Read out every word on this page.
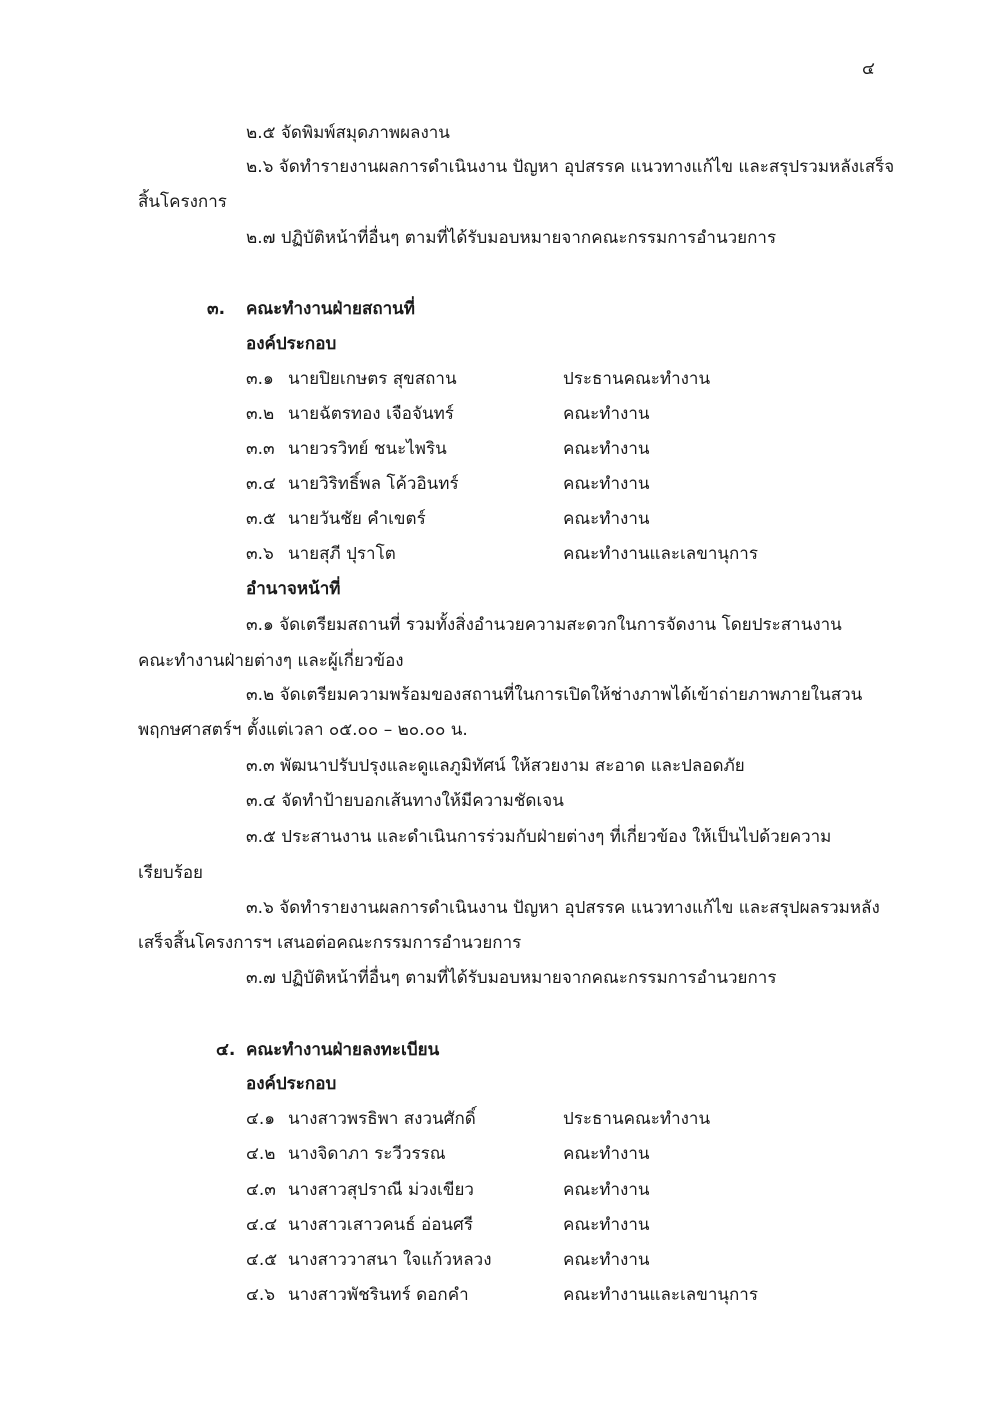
๔
๒.๕ จัดพิมพ์สมุดภาพผลงาน
๒.๖ จัดทำรายงานผลการดำเนินงาน ปัญหา อุปสรรค แนวทางแก้ไข และสรุปรวมหลังเสร็จ
สิ้นโครงการ
๒.๗ ปฏิบัติหน้าที่อื่นๆ ตามที่ได้รับมอบหมายจากคณะกรรมการอำนวยการ
๓. คณะทำงานฝ่ายสถานที่
องค์ประกอบ
๓.๑ นายปิยเกษตร สุขสถาน	ประธานคณะทำงาน
๓.๒ นายฉัตรทอง เจือจันทร์	คณะทำงาน
๓.๓ นายวรวิทย์ ชนะไพริน	คณะทำงาน
๓.๔ นายวิริทธิ์พล โค้วอินทร์	คณะทำงาน
๓.๕ นายวันชัย คำเขตร์	คณะทำงาน
๓.๖ นายสุภี ปุราโต	คณะทำงานและเลขานุการ
อำนาจหน้าที่
๓.๑ จัดเตรียมสถานที่ รวมทั้งสิ่งอำนวยความสะดวกในการจัดงาน โดยประสานงาน
คณะทำงานฝ่ายต่างๆ และผู้เกี่ยวข้อง
๓.๒ จัดเตรียมความพร้อมของสถานที่ในการเปิดให้ช่างภาพได้เข้าถ่ายภาพภายในสวน
พฤกษศาสตร์ฯ ตั้งแต่เวลา ๐๕.๐๐ – ๒๐.๐๐ น.
๓.๓ พัฒนาปรับปรุงและดูแลภูมิทัศน์ ให้สวยงาม สะอาด และปลอดภัย
๓.๔ จัดทำป้ายบอกเส้นทางให้มีความชัดเจน
๓.๕ ประสานงาน และดำเนินการร่วมกับฝ่ายต่างๆ ที่เกี่ยวข้อง ให้เป็นไปด้วยความ
เรียบร้อย
๓.๖ จัดทำรายงานผลการดำเนินงาน ปัญหา อุปสรรค แนวทางแก้ไข และสรุปผลรวมหลัง
เสร็จสิ้นโครงการฯ เสนอต่อคณะกรรมการอำนวยการ
๓.๗ ปฏิบัติหน้าที่อื่นๆ ตามที่ได้รับมอบหมายจากคณะกรรมการอำนวยการ
๔. คณะทำงานฝ่ายลงทะเบียน
องค์ประกอบ
๔.๑ นางสาวพรธิพา สงวนศักดิ์	ประธานคณะทำงาน
๔.๒ นางจิดาภา ระวีวรรณ	คณะทำงาน
๔.๓ นางสาวสุปราณี ม่วงเขียว	คณะทำงาน
๔.๔ นางสาวเสาวคนธ์ อ่อนศรี	คณะทำงาน
๔.๕ นางสาววาสนา ใจแก้วหลวง	คณะทำงาน
๔.๖ นางสาวพัชรินทร์ ดอกคำ	คณะทำงานและเลขานุการ
